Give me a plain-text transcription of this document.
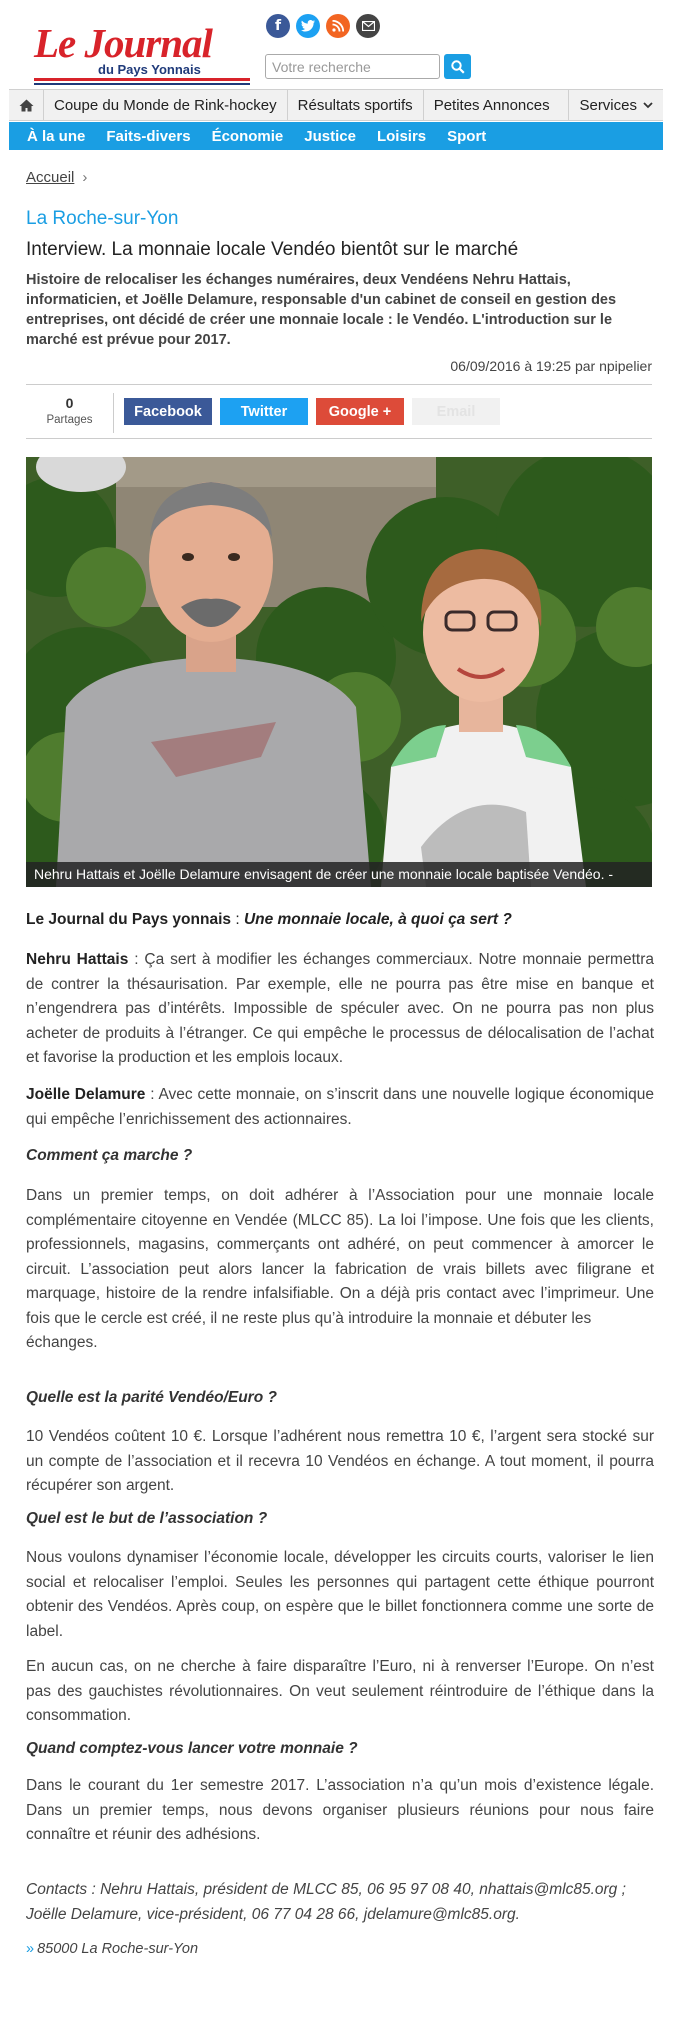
Le Journal
du Pays Yonnais
f
Votre recherche
Coupe du Monde de Rink-hockey	Résultats sportifs	Petites Annonces	Services
À la une Faits-divers Économie Justice Loisirs Sport
Accueil ›
La Roche-sur-Yon
Interview. La monnaie locale Vendéo bientôt sur le marché

Histoire de relocaliser les échanges numéraires, deux Vendéens Nehru Hattais, informaticien, et Joëlle Delamure, responsable d'un cabinet de conseil en gestion des entreprises, ont décidé de créer une monnaie locale : le Vendéo. L'introduction sur le marché est prévue pour 2017.

06/09/2016 à 19:25 par npipelier
0
Partages
Facebook	Twitter	Google +	Email
Nehru Hattais et Joëlle Delamure envisagent de créer une monnaie locale baptisée Vendéo. -
Le Journal du Pays yonnais : Une monnaie locale, à quoi ça sert ?

Nehru Hattais : Ça sert à modifier les échanges commerciaux. Notre monnaie permettra de contrer la thésaurisation. Par exemple, elle ne pourra pas être mise en banque et n’engendrera pas d’intérêts. Impossible de spéculer avec. On ne pourra pas non plus acheter de produits à l’étranger. Ce qui empêche le processus de délocalisation de l’achat et favorise la production et les emplois locaux.

Joëlle Delamure : Avec cette monnaie, on s’inscrit dans une nouvelle logique économique qui empêche l’enrichissement des actionnaires.

Comment ça marche ?

Dans un premier temps, on doit adhérer à l’Association pour une monnaie locale complémentaire citoyenne en Vendée (MLCC 85). La loi l’impose. Une fois que les clients, professionnels, magasins, commerçants ont adhéré, on peut commencer à amorcer le circuit. L’association peut alors lancer la fabrication de vrais billets avec filigrane et marquage, histoire de la rendre infalsifiable. On a déjà pris contact avec l’imprimeur. Une fois que le cercle est créé, il ne reste plus qu’à introduire la monnaie et débuter les
échanges.

Quelle est la parité Vendéo/Euro ?

10 Vendéos coûtent 10 €. Lorsque l’adhérent nous remettra 10 €, l’argent sera stocké sur un compte de l’association et il recevra 10 Vendéos en échange. A tout moment, il pourra récupérer son argent.

Quel est le but de l’association ?

Nous voulons dynamiser l’économie locale, développer les circuits courts, valoriser le lien social et relocaliser l’emploi. Seules les personnes qui partagent cette éthique pourront obtenir des Vendéos. Après coup, on espère que le billet fonctionnera comme une sorte de label.

En aucun cas, on ne cherche à faire disparaître l’Euro, ni à renverser l’Europe. On n’est pas des gauchistes révolutionnaires. On veut seulement réintroduire de l’éthique dans la consommation.

Quand comptez-vous lancer votre monnaie ?

Dans le courant du 1er semestre 2017. L’association n’a qu’un mois d’existence légale. Dans un premier temps, nous devons organiser plusieurs réunions pour nous faire connaître et réunir des adhésions.

Contacts : Nehru Hattais, président de MLCC 85, 06 95 97 08 40, nhattais@mlc85.org ; Joëlle Delamure, vice-président, 06 77 04 28 66, jdelamure@mlc85.org.

» 85000 La Roche-sur-Yon
